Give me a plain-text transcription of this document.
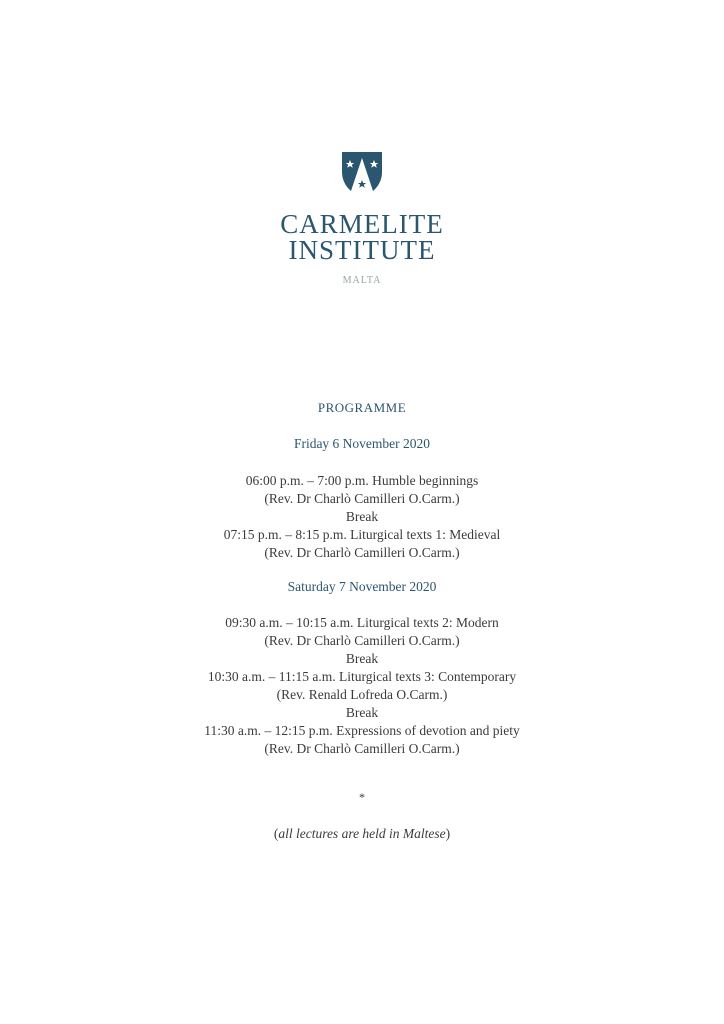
CARMELITE
INSTITUTE
MALTA
PROGRAMME
Friday 6 November 2020
06:00 p.m. – 7:00 p.m. Humble beginnings
(Rev. Dr Charlò Camilleri O.Carm.)
Break
07:15 p.m. – 8:15 p.m. Liturgical texts 1: Medieval
(Rev. Dr Charlò Camilleri O.Carm.)
Saturday 7 November 2020
09:30 a.m. – 10:15 a.m. Liturgical texts 2: Modern
(Rev. Dr Charlò Camilleri O.Carm.)
Break
10:30 a.m. – 11:15 a.m. Liturgical texts 3: Contemporary
(Rev. Renald Lofreda O.Carm.)
Break
11:30 a.m. – 12:15 p.m. Expressions of devotion and piety
(Rev. Dr Charlò Camilleri O.Carm.)
*
(all lectures are held in Maltese)
